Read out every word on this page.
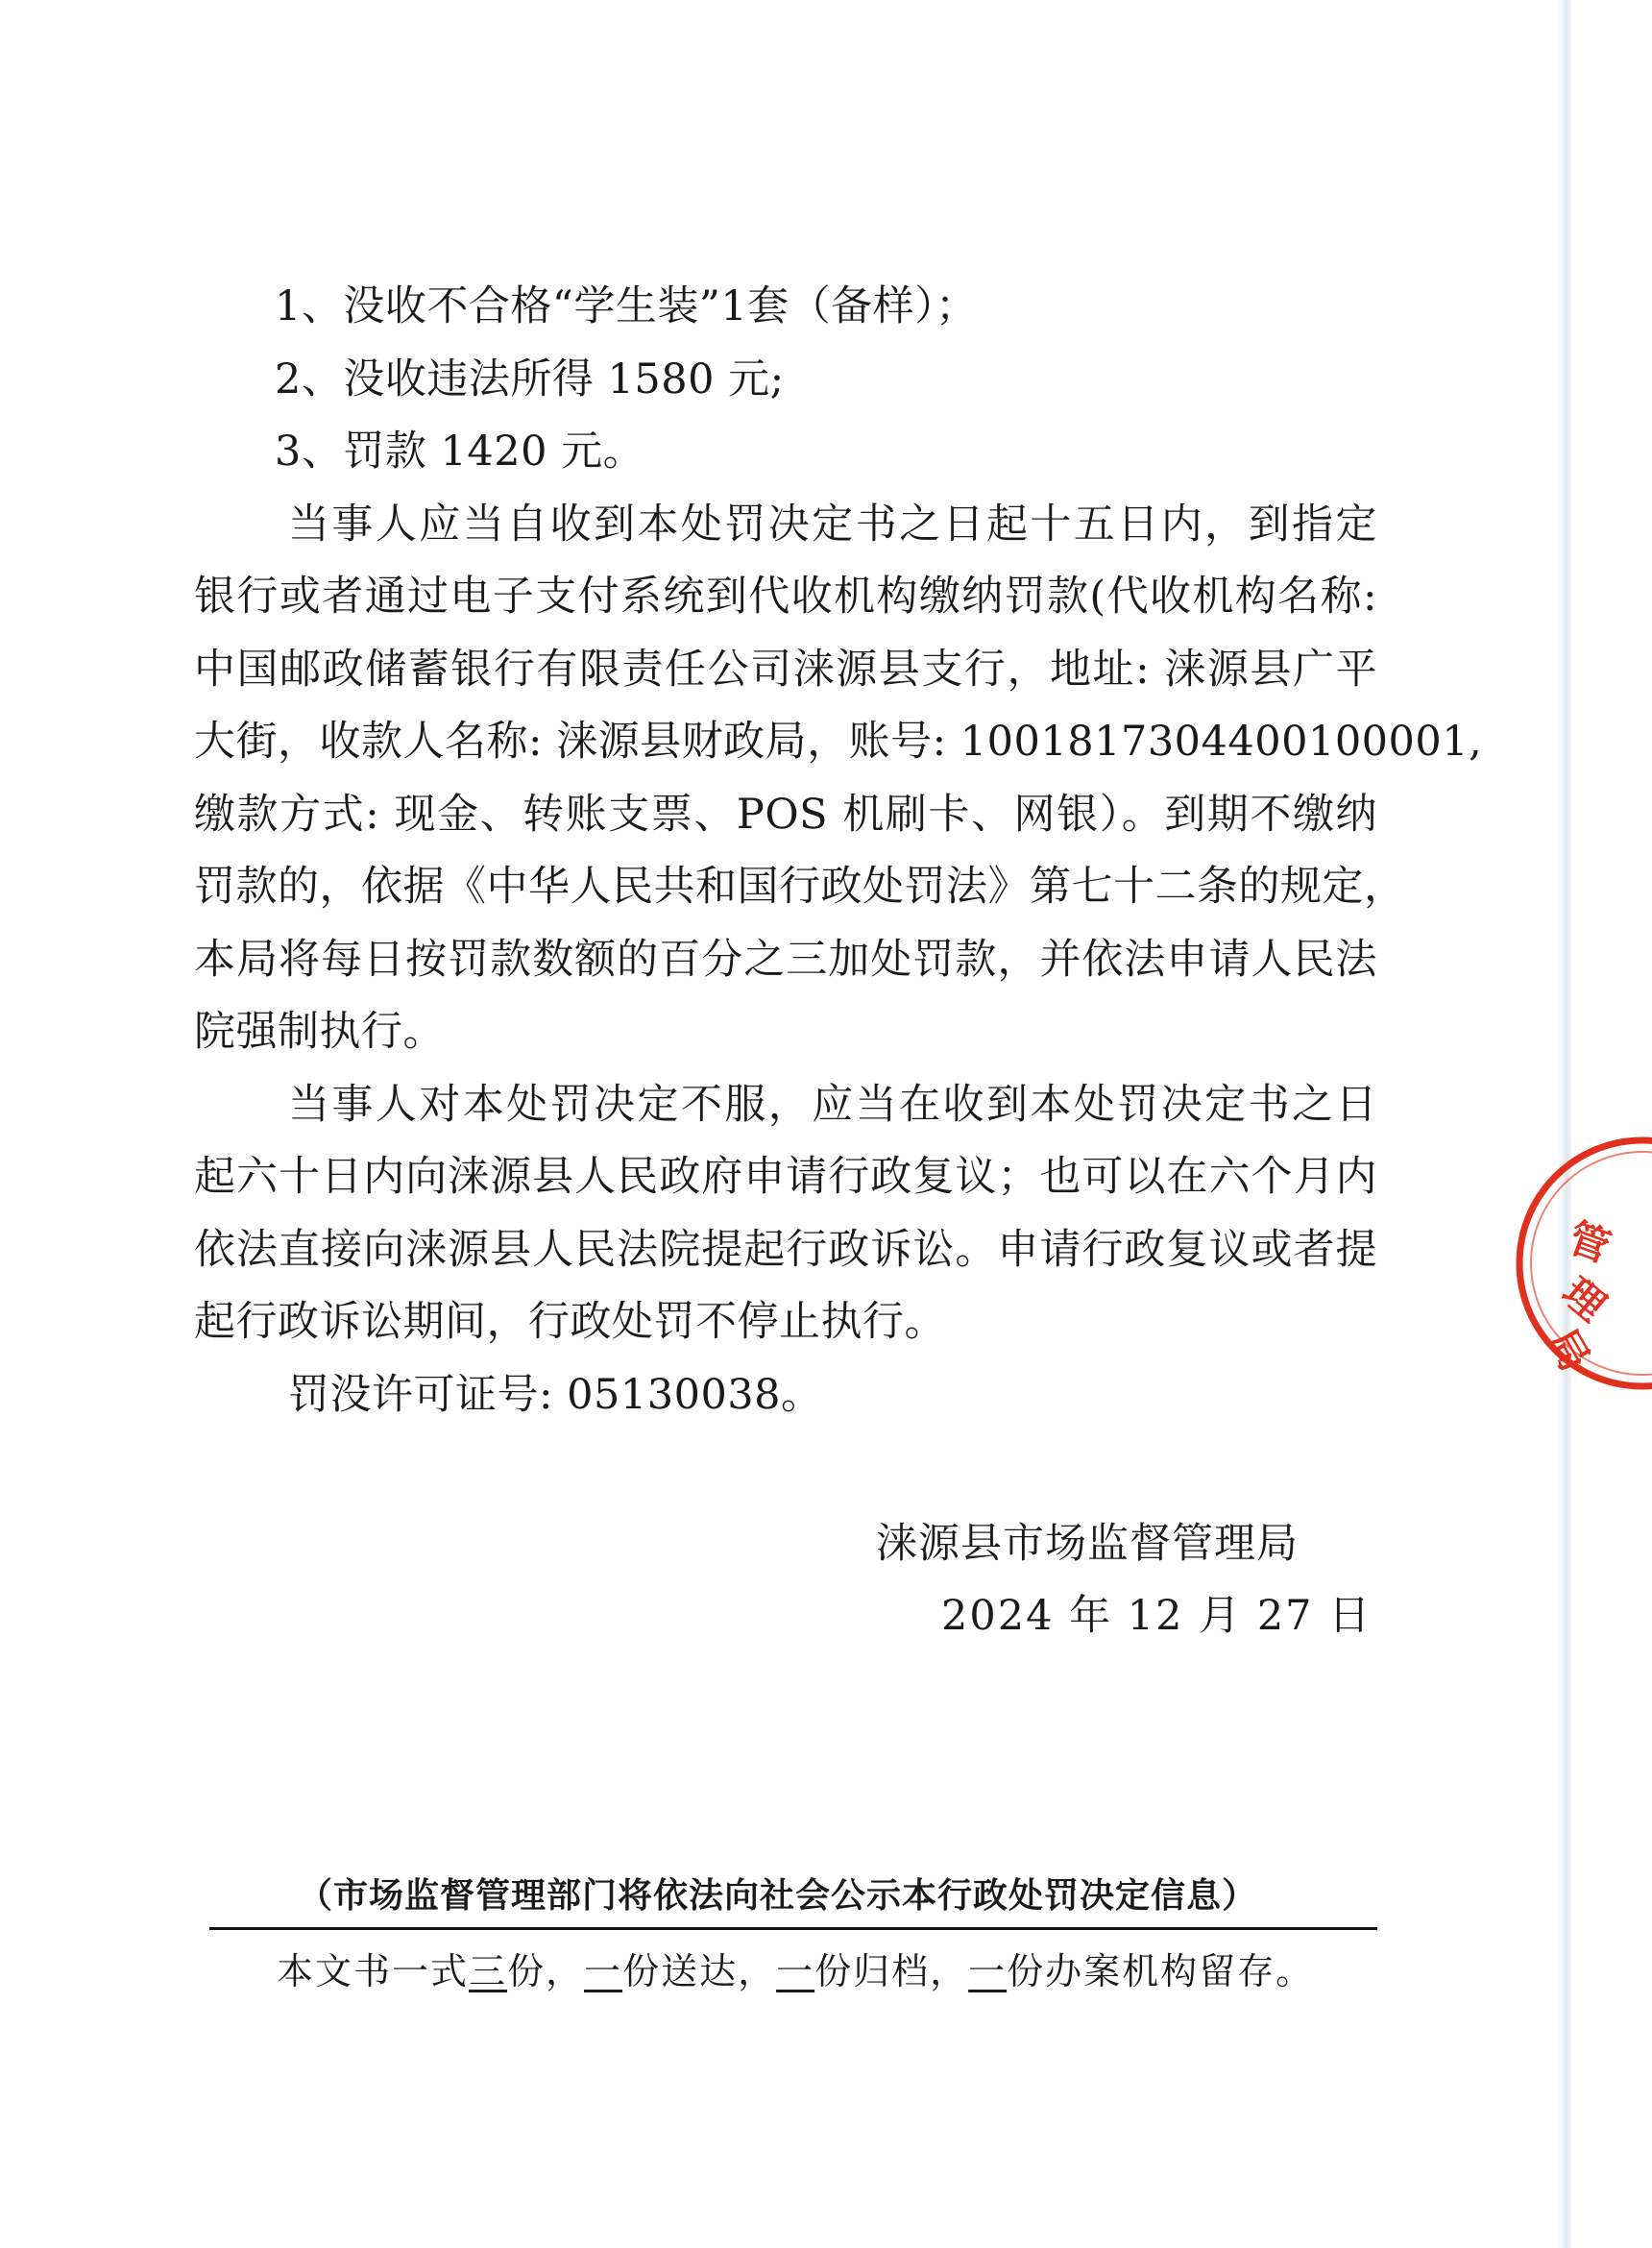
1、没收不合格“学生装”1套（备样）；
2、没收违法所得 1580 元;
3、罚款 1420 元。
当事人应当自收到本处罚决定书之日起十五日内，到指定
银行或者通过电子支付系统到代收机构缴纳罚款(代收机构名称:
中国邮政储蓄银行有限责任公司涞源县支行，地址: 涞源县广平
大街，收款人名称: 涞源县财政局，账号: 1001817304400100001,
缴款方式: 现金、转账支票、POS 机刷卡、网银）。到期不缴纳
罚款的，依据《中华人民共和国行政处罚法》第七十二条的规定，
本局将每日按罚款数额的百分之三加处罚款，并依法申请人民法
院强制执行。
当事人对本处罚决定不服，应当在收到本处罚决定书之日
起六十日内向涞源县人民政府申请行政复议；也可以在六个月内
依法直接向涞源县人民法院提起行政诉讼。申请行政复议或者提
起行政诉讼期间，行政处罚不停止执行。
罚没许可证号: 05130038。
涞源县市场监督管理局
2024 年 12 月 27 日
管
理
局
（市场监督管理部门将依法向社会公示本行政处罚决定信息）
本文书一式三份，一份送达，一份归档，一份办案机构留存。
